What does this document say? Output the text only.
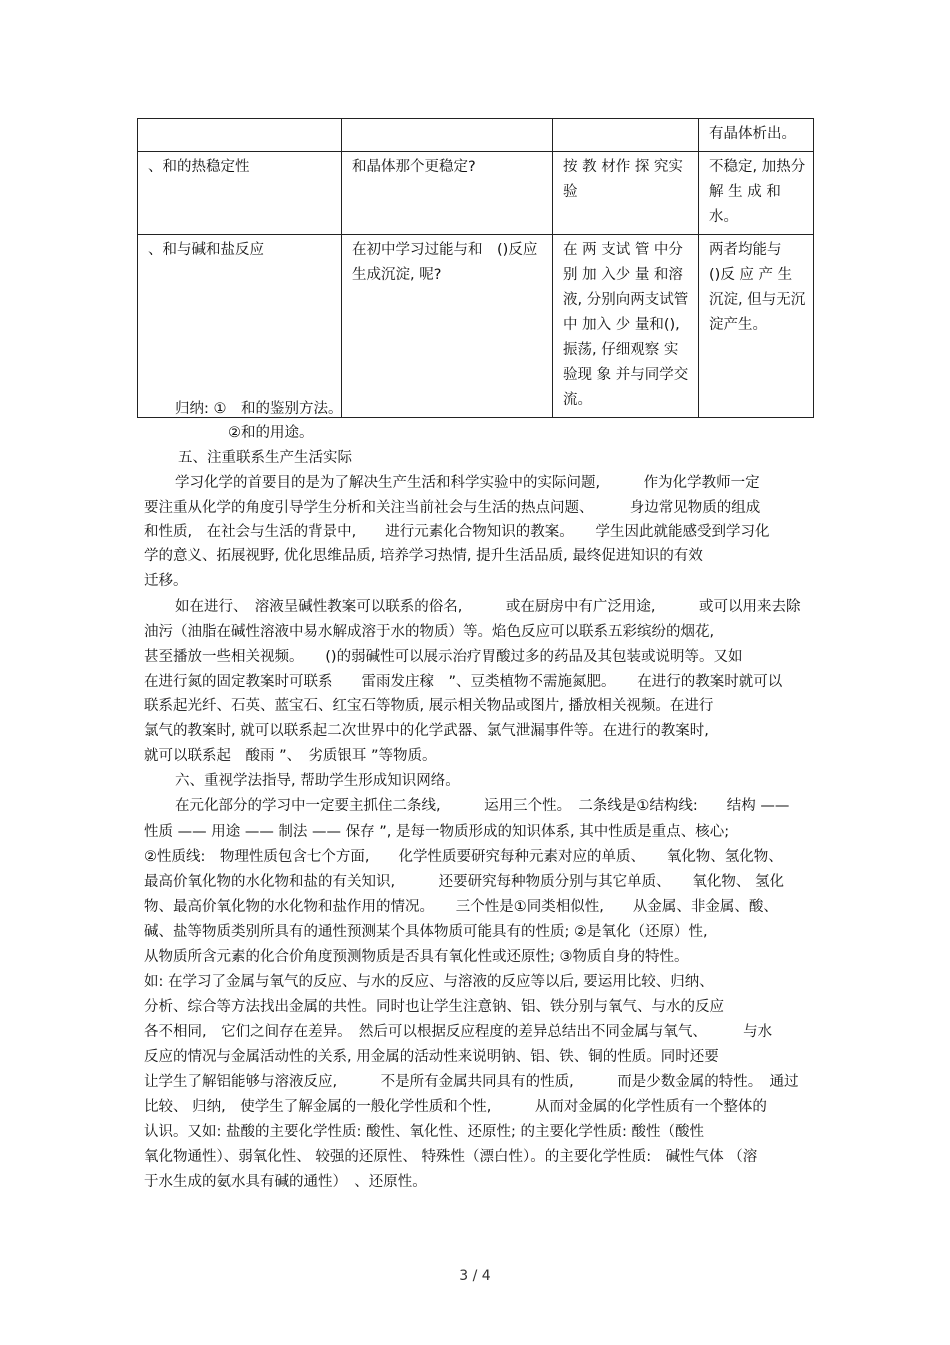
			有晶体析出。
、和的热稳定性	和晶体那个更稳定?	按 教 材作 探 究实验	不稳定, 加热分 解 生 成 和水。
、和与碱和盐反应	在初中学习过能与和　()反应生成沉淀, 呢?	在 两 支试 管 中分别 加 入少 量 和溶液, 分别向两支试管 中 加入 少 量和(), 振荡, 仔细观察 实 验现 象 并与同学交流。	两者均能与　()反 应 产 生 沉淀, 但与无沉淀产生。
归纳: ①　和的鉴别方法。
②和的用途。
五、注重联系生产生活实际
学习化学的首要目的是为了解决生产生活和科学实验中的实际问题,　　　作为化学教师一定
要注重从化学的角度引导学生分析和关注当前社会与生活的热点问题、　　　身边常见物质的组成
和性质,　在社会与生活的背景中,　　进行元素化合物知识的教案。　　学生因此就能感受到学习化
学的意义、拓展视野, 优化思维品质, 培养学习热情, 提升生活品质, 最终促进知识的有效
迁移。
如在进行、　溶液呈碱性教案可以联系的俗名,　　　或在厨房中有广泛用途,　　　或可以用来去除
油污（油脂在碱性溶液中易水解成溶于水的物质）等。焰色反应可以联系五彩缤纷的烟花,
甚至播放一些相关视频。　　()的弱碱性可以展示治疗胃酸过多的药品及其包装或说明等。又如
在进行氮的固定教案时可联系　　雷雨发庄稼　”、豆类植物不需施氮肥。　　在进行的教案时就可以
联系起光纤、石英、蓝宝石、红宝石等物质, 展示相关物品或图片, 播放相关视频。在进行
氯气的教案时, 就可以联系起二次世界中的化学武器、氯气泄漏事件等。在进行的教案时,
就可以联系起　酸雨 ”、　劣质银耳 ”等物质。
六、重视学法指导, 帮助学生形成知识网络。
在元化部分的学习中一定要主抓住二条线,　　　运用三个性。　二条线是①结构线:　　结构 ——
性质 —— 用途 —— 制法 —— 保存 ”, 是每一物质形成的知识体系, 其中性质是重点、核心;
②性质线:　物理性质包含七个方面,　　化学性质要研究每种元素对应的单质、　　氧化物、氢化物、
最高价氧化物的水化物和盐的有关知识,　　　还要研究每种物质分别与其它单质、　　氧化物、 氢化
物、最高价氧化物的水化物和盐作用的情况。　　三个性是①同类相似性,　　从金属、非金属、酸、
碱、盐等物质类别所具有的通性预测某个具体物质可能具有的性质; ②是氧化（还原）性,
从物质所含元素的化合价角度预测物质是否具有氧化性或还原性; ③物质自身的特性。
如: 在学习了金属与氧气的反应、与水的反应、与溶液的反应等以后, 要运用比较、归纳、
分析、综合等方法找出金属的共性。同时也让学生注意钠、铝、铁分别与氧气、与水的反应
各不相同,　它们之间存在差异。　然后可以根据反应程度的差异总结出不同金属与氧气、　　　与水
反应的情况与金属活动性的关系, 用金属的活动性来说明钠、铝、铁、铜的性质。同时还要
让学生了解铝能够与溶液反应,　　　不是所有金属共同具有的性质,　　　而是少数金属的特性。　通过
比较、 归纳,　使学生了解金属的一般化学性质和个性,　　　从而对金属的化学性质有一个整体的
认识。又如: 盐酸的主要化学性质: 酸性、氧化性、还原性; 的主要化学性质: 酸性（酸性
氧化物通性）、弱氧化性、 较强的还原性、 特殊性（漂白性）。的主要化学性质:　碱性气体 （溶
于水生成的氨水具有碱的通性）　、还原性。
3 / 4
